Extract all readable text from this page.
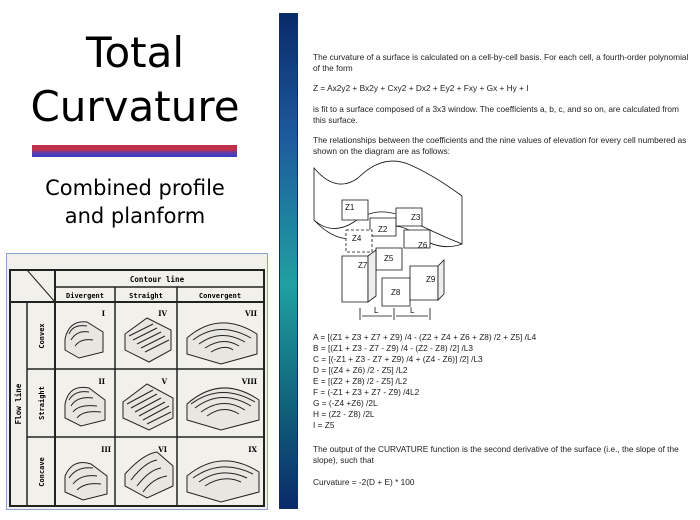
Total
Curvature
Combined profile
and planform
Contour line
Divergent	Straight	Convergent
Flow line
Convex
Straight
Concave
I	IV	VII
II	V	VIII
III	VI	IX
The curvature of a surface is calculated on a cell-by-cell basis. For each cell, a fourth-order polynomial of the form
Z = Ax2y2 + Bx2y + Cxy2 + Dx2 + Ey2 + Fxy + Gx + Hy + I
is fit to a surface composed of a 3x3 window. The coefficients a, b, c, and so on, are calculated from this surface.
The relationships between the coefficients and the nine values of elevation for every cell numbered as shown on the diagram are as follows:
Z1
Z2
Z3
Z4
Z5
Z6
Z7
Z8
Z9
L	L
A = [(Z1 + Z3 + Z7 + Z9) /4 - (Z2 + Z4 + Z6 + Z8) /2 + Z5] /L4
B = [(Z1 + Z3 - Z7 - Z9) /4 - (Z2 - Z8) /2] /L3
C = [(-Z1 + Z3 - Z7 + Z9) /4 + (Z4 - Z6)] /2] /L3
D = [(Z4 + Z6) /2 - Z5] /L2
E = [(Z2 + Z8) /2 - Z5] /L2
F = (-Z1 + Z3 + Z7 - Z9) /4L2
G = (-Z4 +Z6) /2L
H = (Z2 - Z8) /2L
I = Z5
The output of the CURVATURE function is the second derivative of the surface (i.e., the slope of the slope), such that
Curvature = -2(D + E) * 100
